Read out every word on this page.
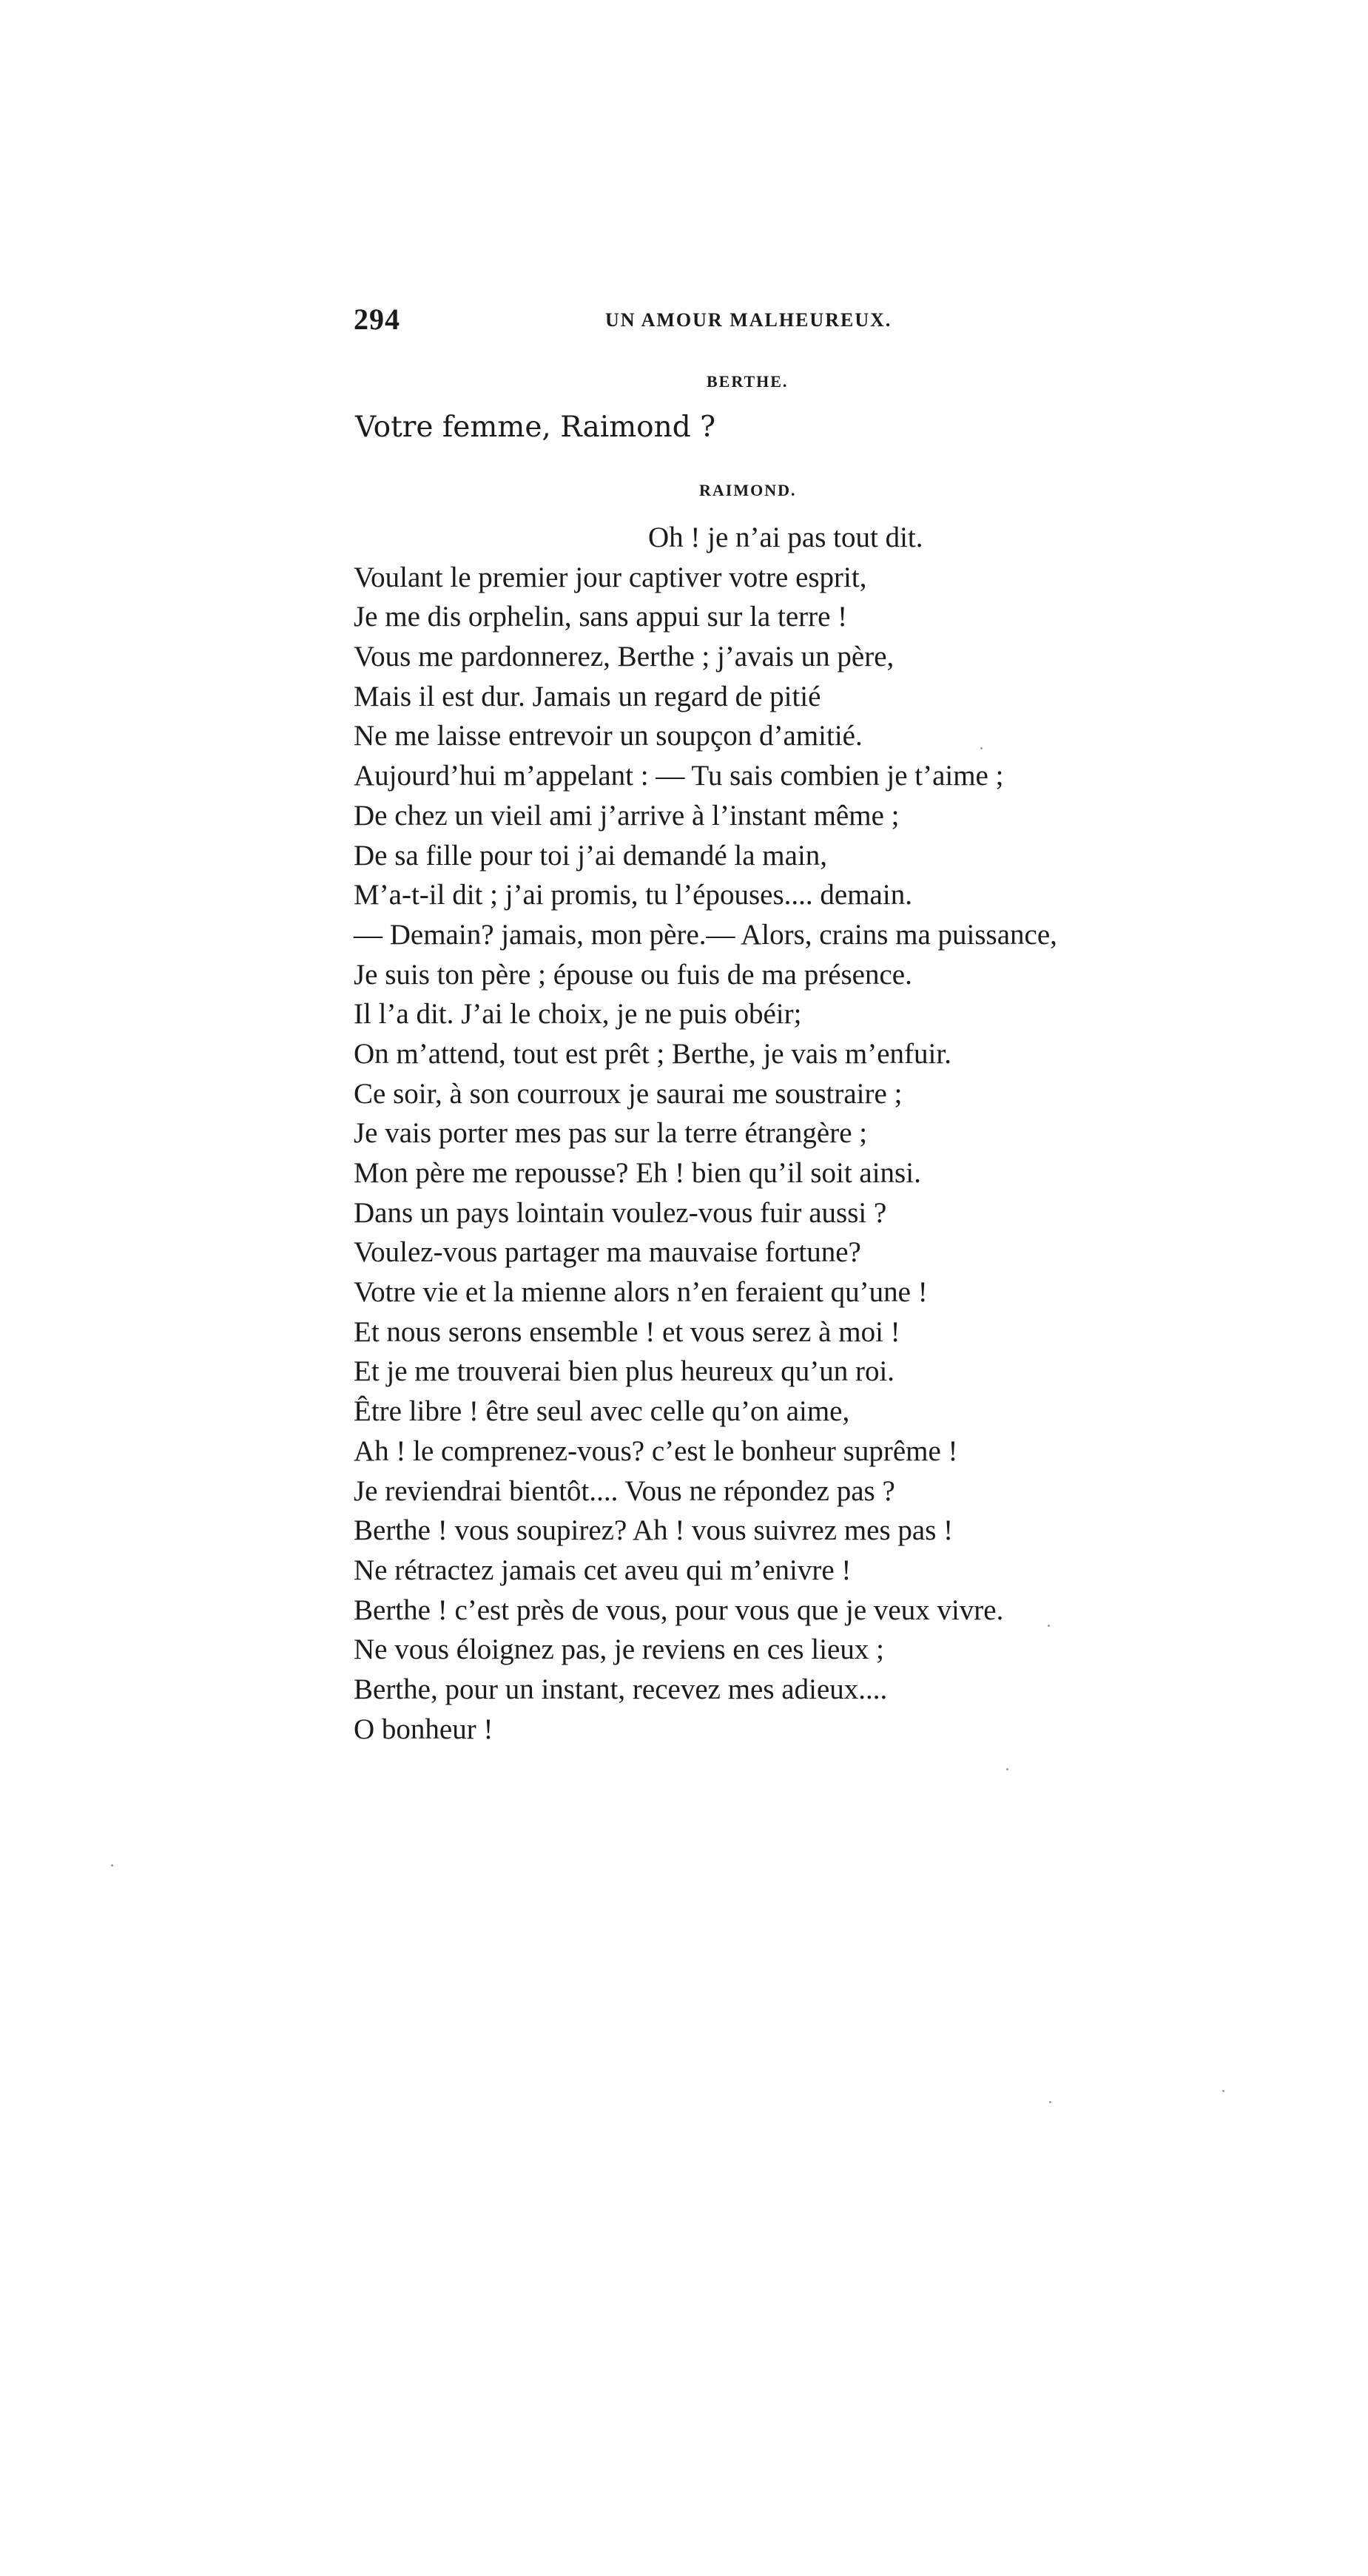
294	UN AMOUR MALHEUREUX.
BERTHE.
Votre femme, Raimond ?
RAIMOND.
Oh ! je n’ai pas tout dit.
Voulant le premier jour captiver votre esprit,
Je me dis orphelin, sans appui sur la terre !
Vous me pardonnerez, Berthe ; j’avais un père,
Mais il est dur. Jamais un regard de pitié
Ne me laisse entrevoir un soupçon d’amitié.
Aujourd’hui m’appelant : — Tu sais combien je t’aime ;
De chez un vieil ami j’arrive à l’instant même ;
De sa fille pour toi j’ai demandé la main,
M’a-t-il dit ; j’ai promis, tu l’épouses.... demain.
— Demain? jamais, mon père.— Alors, crains ma puissance,
Je suis ton père ; épouse ou fuis de ma présence.
Il l’a dit. J’ai le choix, je ne puis obéir;
On m’attend, tout est prêt ; Berthe, je vais m’enfuir.
Ce soir, à son courroux je saurai me soustraire ;
Je vais porter mes pas sur la terre étrangère ;
Mon père me repousse? Eh ! bien qu’il soit ainsi.
Dans un pays lointain voulez-vous fuir aussi ?
Voulez-vous partager ma mauvaise fortune?
Votre vie et la mienne alors n’en feraient qu’une !
Et nous serons ensemble ! et vous serez à moi !
Et je me trouverai bien plus heureux qu’un roi.
Être libre ! être seul avec celle qu’on aime,
Ah ! le comprenez-vous? c’est le bonheur suprême !
Je reviendrai bientôt.... Vous ne répondez pas ?
Berthe ! vous soupirez? Ah ! vous suivrez mes pas !
Ne rétractez jamais cet aveu qui m’enivre !
Berthe ! c’est près de vous, pour vous que je veux vivre.
Ne vous éloignez pas, je reviens en ces lieux ;
Berthe, pour un instant, recevez mes adieux....
O bonheur !
